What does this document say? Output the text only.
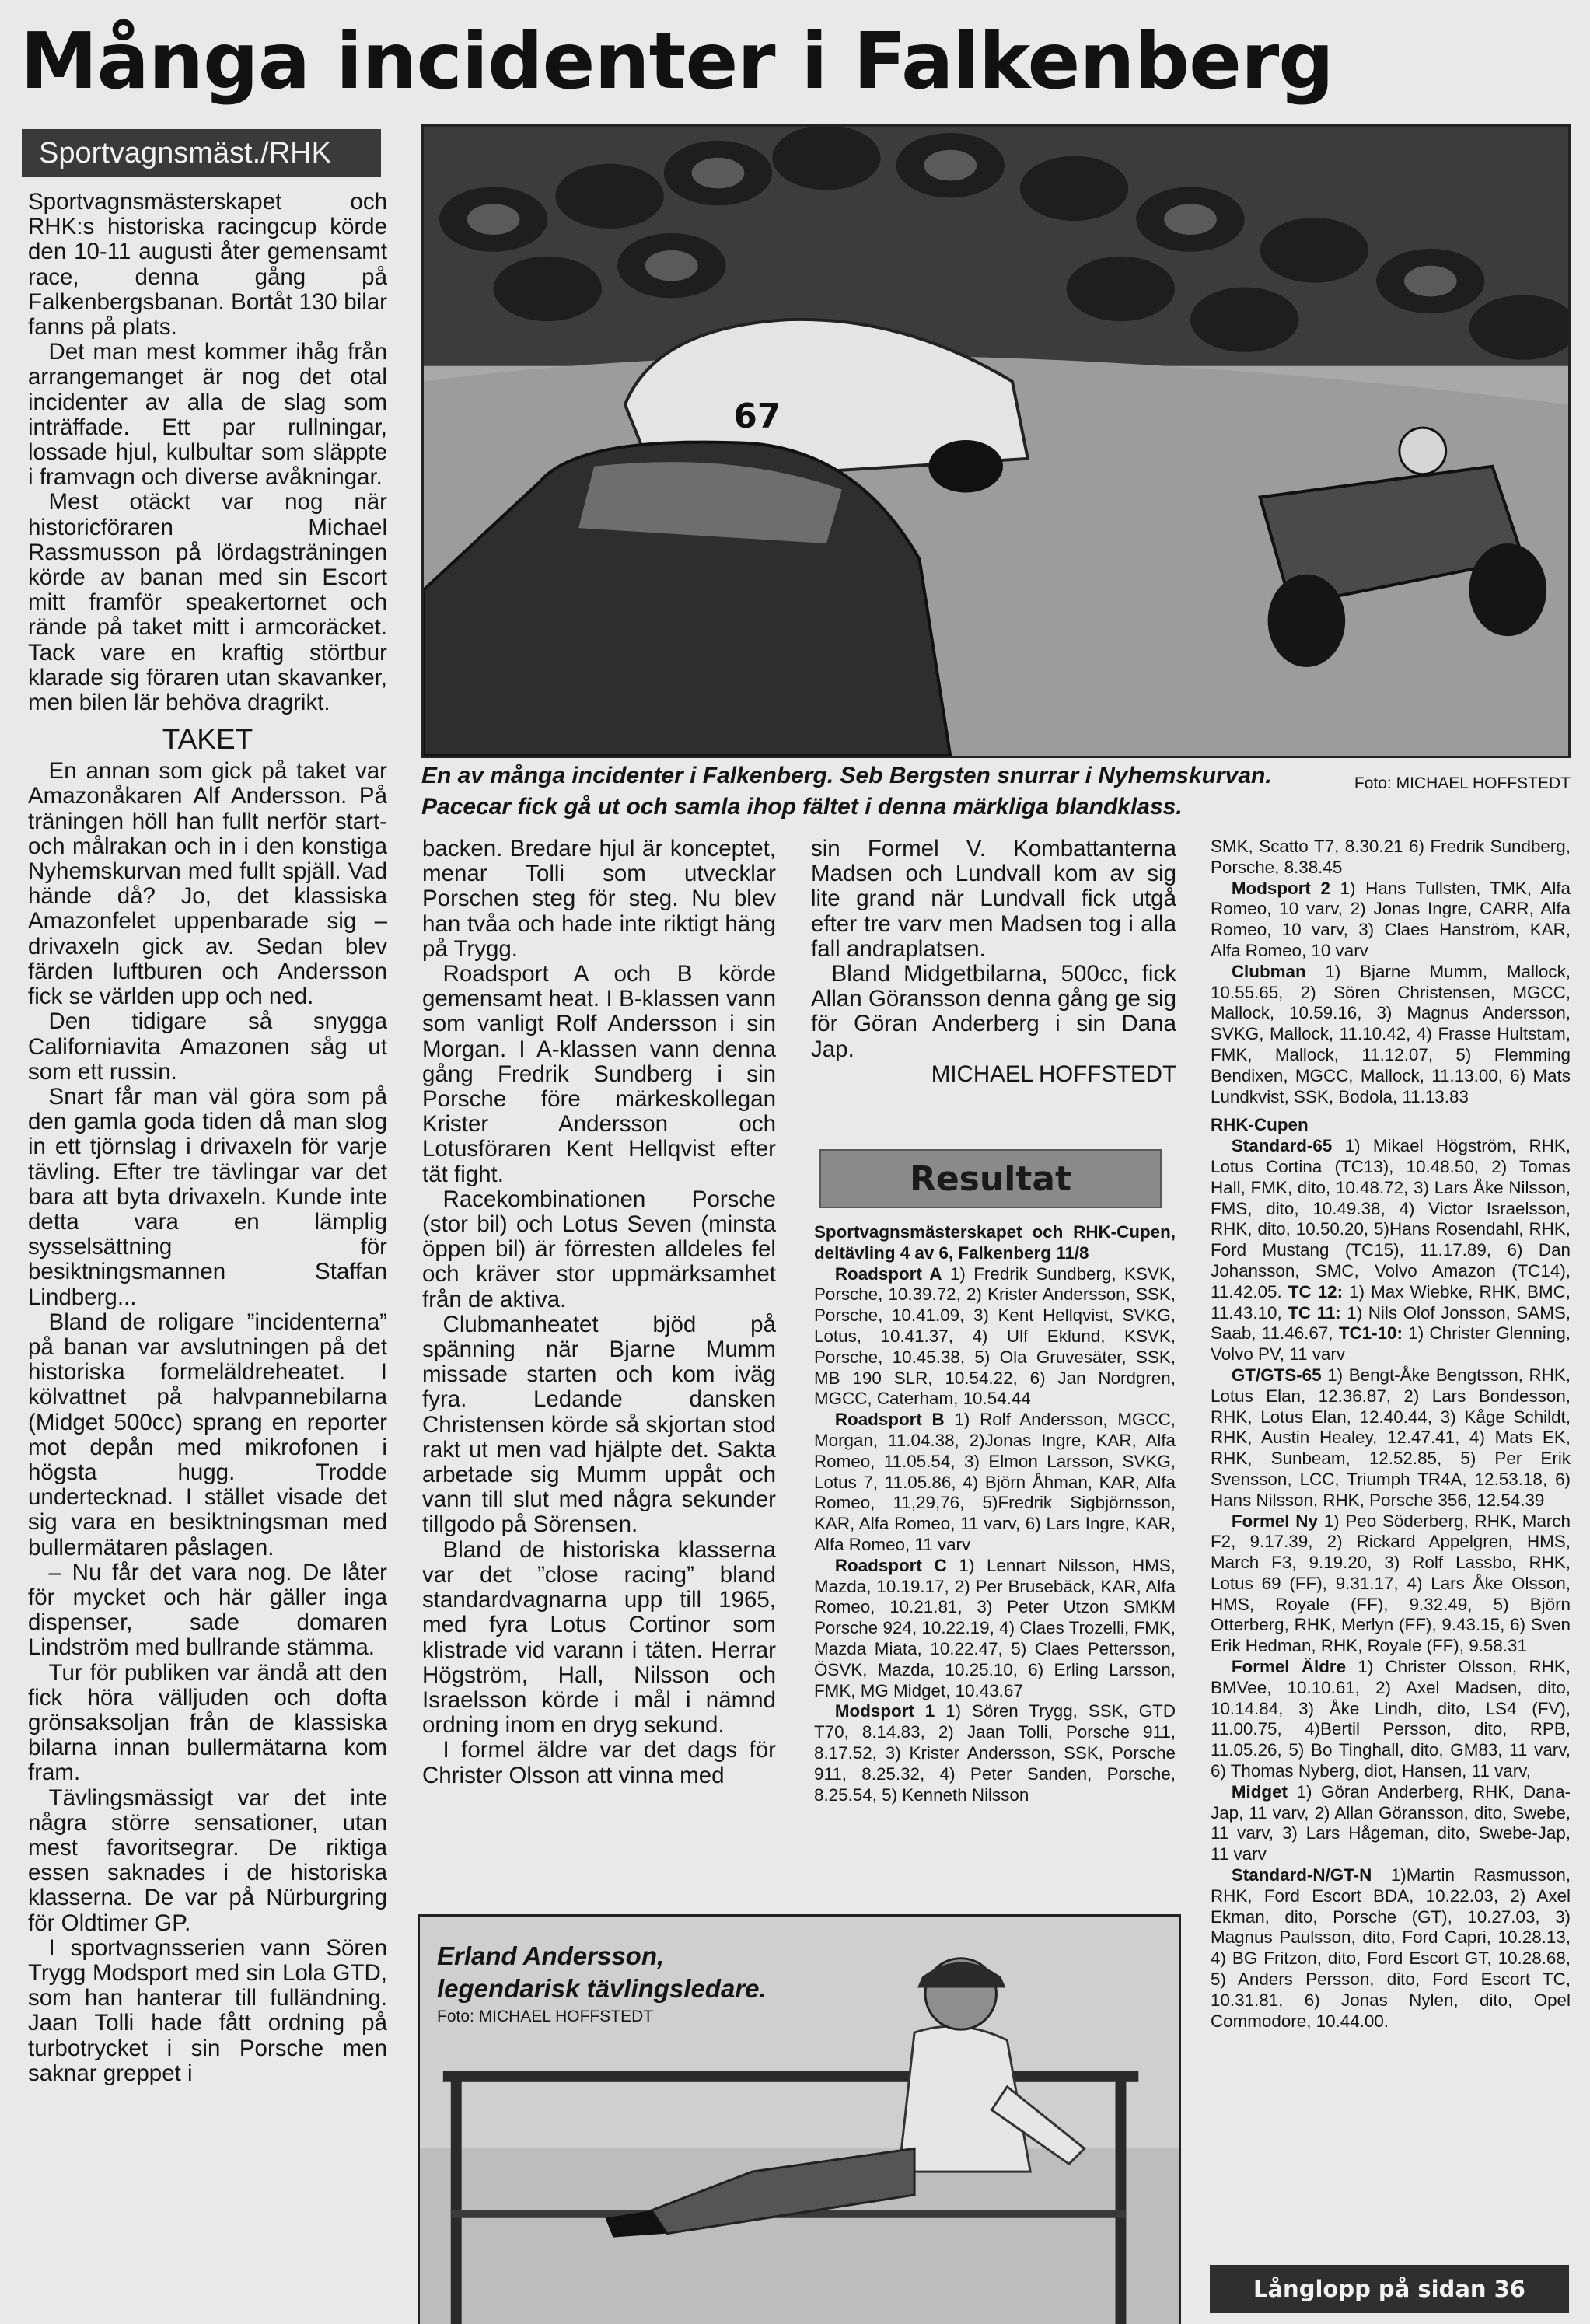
Många incidenter i Falkenberg
Sportvagnsmäst./RHK
67
Foto: MICHAEL HOFFSTEDT
En av många incidenter i Falkenberg. Seb Bergsten snurrar i Nyhemskurvan. Pacecar fick gå ut och samla ihop fältet i denna märkliga blandklass.

Sportvagnsmästerskapet och RHK:s historiska racingcup körde den 10-11 augusti åter gemensamt race, denna gång på Falkenbergsbanan. Bortåt 130 bilar fanns på plats.

Det man mest kommer ihåg från arrangemanget är nog det otal incidenter av alla de slag som inträffade. Ett par rullningar, lossade hjul, kulbultar som släppte i framvagn och diverse avåkningar.

Mest otäckt var nog när historicföraren Michael Rassmusson på lördagsträningen körde av banan med sin Escort mitt framför speakertornet och rände på taket mitt i armcoräcket. Tack vare en kraftig störtbur klarade sig föraren utan skavanker, men bilen lär behöva dragrikt.

TAKET

En annan som gick på taket var Amazonåkaren Alf Andersson. På träningen höll han fullt nerför start- och målrakan och in i den konstiga Nyhemskurvan med fullt spjäll. Vad hände då? Jo, det klassiska Amazonfelet uppenbarade sig – drivaxeln gick av. Sedan blev färden luftburen och Andersson fick se världen upp och ned.

Den tidigare så snygga Californiavita Amazonen såg ut som ett russin.

Snart får man väl göra som på den gamla goda tiden då man slog in ett tjörnslag i drivaxeln för varje tävling. Efter tre tävlingar var det bara att byta drivaxeln. Kunde inte detta vara en lämplig sysselsättning för besiktningsmannen Staffan Lindberg...

Bland de roligare ”incidenterna” på banan var avslutningen på det historiska formeläldreheatet. I kölvattnet på halvpannebilarna (Midget 500cc) sprang en reporter mot depån med mikrofonen i högsta hugg. Trodde undertecknad. I stället visade det sig vara en besiktningsman med bullermätaren påslagen.

– Nu får det vara nog. De låter för mycket och här gäller inga dispenser, sade domaren Lindström med bullrande stämma.

Tur för publiken var ändå att den fick höra välljuden och dofta grönsaksoljan från de klassiska bilarna innan bullermätarna kom fram.

Tävlingsmässigt var det inte några större sensationer, utan mest favoritsegrar. De riktiga essen saknades i de historiska klasserna. De var på Nürburgring för Oldtimer GP.

I sportvagnsserien vann Sören Trygg Modsport med sin Lola GTD, som han hanterar till fulländning. Jaan Tolli hade fått ordning på turbotrycket i sin Porsche men saknar greppet i

backen. Bredare hjul är konceptet, menar Tolli som utvecklar Porschen steg för steg. Nu blev han tvåa och hade inte riktigt häng på Trygg.

Roadsport A och B körde gemensamt heat. I B-klassen vann som vanligt Rolf Andersson i sin Morgan. I A-klassen vann denna gång Fredrik Sundberg i sin Porsche före märkeskollegan Krister Andersson och Lotusföraren Kent Hellqvist efter tät fight.

Racekombinationen Porsche (stor bil) och Lotus Seven (minsta öppen bil) är förresten alldeles fel och kräver stor uppmärksamhet från de aktiva.

Clubmanheatet bjöd på spänning när Bjarne Mumm missade starten och kom iväg fyra. Ledande dansken Christensen körde så skjortan stod rakt ut men vad hjälpte det. Sakta arbetade sig Mumm uppåt och vann till slut med några sekunder tillgodo på Sörensen.

Bland de historiska klasserna var det ”close racing” bland standardvagnarna upp till 1965, med fyra Lotus Cortinor som klistrade vid varann i täten. Herrar Högström, Hall, Nilsson och Israelsson körde i mål i nämnd ordning inom en dryg sekund.

I formel äldre var det dags för Christer Olsson att vinna med

sin Formel V. Kombattanterna Madsen och Lundvall kom av sig lite grand när Lundvall fick utgå efter tre varv men Madsen tog i alla fall andraplatsen.

Bland Midgetbilarna, 500cc, fick Allan Göransson denna gång ge sig för Göran Anderberg i sin Dana Jap.

MICHAEL HOFFSTEDT

Resultat

Sportvagnsmästerskapet och RHK-Cupen, deltävling 4 av 6, Falkenberg 11/8

Roadsport A 1) Fredrik Sundberg, KSVK, Porsche, 10.39.72, 2) Krister Andersson, SSK, Porsche, 10.41.09, 3) Kent Hellqvist, SVKG, Lotus, 10.41.37, 4) Ulf Eklund, KSVK, Porsche, 10.45.38, 5) Ola Gruvesäter, SSK, MB 190 SLR, 10.54.22, 6) Jan Nordgren, MGCC, Caterham, 10.54.44

Roadsport B 1) Rolf Andersson, MGCC, Morgan, 11.04.38, 2)Jonas Ingre, KAR, Alfa Romeo, 11.05.54, 3) Elmon Larsson, SVKG, Lotus 7, 11.05.86, 4) Björn Åhman, KAR, Alfa Romeo, 11,29,76, 5)Fredrik Sigbjörnsson, KAR, Alfa Romeo, 11 varv, 6) Lars Ingre, KAR, Alfa Romeo, 11 varv

Roadsport C 1) Lennart Nilsson, HMS, Mazda, 10.19.17, 2) Per Brusebäck, KAR, Alfa Romeo, 10.21.81, 3) Peter Utzon SMKM Porsche 924, 10.22.19, 4) Claes Trozelli, FMK, Mazda Miata, 10.22.47, 5) Claes Pettersson, ÖSVK, Mazda, 10.25.10, 6) Erling Larsson, FMK, MG Midget, 10.43.67

Modsport 1 1) Sören Trygg, SSK, GTD T70, 8.14.83, 2) Jaan Tolli, Porsche 911, 8.17.52, 3) Krister Andersson, SSK, Porsche 911, 8.25.32, 4) Peter Sanden, Porsche, 8.25.54, 5) Kenneth Nilsson

SMK, Scatto T7, 8.30.21 6) Fredrik Sundberg, Porsche, 8.38.45

Modsport 2 1) Hans Tullsten, TMK, Alfa Romeo, 10 varv, 2) Jonas Ingre, CARR, Alfa Romeo, 10 varv, 3) Claes Hanström, KAR, Alfa Romeo, 10 varv

Clubman 1) Bjarne Mumm, Mallock, 10.55.65, 2) Sören Christensen, MGCC, Mallock, 10.59.16, 3) Magnus Andersson, SVKG, Mallock, 11.10.42, 4) Frasse Hultstam, FMK, Mallock, 11.12.07, 5) Flemming Bendixen, MGCC, Mallock, 11.13.00, 6) Mats Lundkvist, SSK, Bodola, 11.13.83

RHK-Cupen

Standard-65 1) Mikael Högström, RHK, Lotus Cortina (TC13), 10.48.50, 2) Tomas Hall, FMK, dito, 10.48.72, 3) Lars Åke Nilsson, FMS, dito, 10.49.38, 4) Victor Israelsson, RHK, dito, 10.50.20, 5)Hans Rosendahl, RHK, Ford Mustang (TC15), 11.17.89, 6) Dan Johansson, SMC, Volvo Amazon (TC14), 11.42.05. TC 12: 1) Max Wiebke, RHK, BMC, 11.43.10, TC 11: 1) Nils Olof Jonsson, SAMS, Saab, 11.46.67, TC1-10: 1) Christer Glenning, Volvo PV, 11 varv

GT/GTS-65 1) Bengt-Åke Bengtsson, RHK, Lotus Elan, 12.36.87, 2) Lars Bondesson, RHK, Lotus Elan, 12.40.44, 3) Kåge Schildt, RHK, Austin Healey, 12.47.41, 4) Mats EK, RHK, Sunbeam, 12.52.85, 5) Per Erik Svensson, LCC, Triumph TR4A, 12.53.18, 6) Hans Nilsson, RHK, Porsche 356, 12.54.39

Formel Ny 1) Peo Söderberg, RHK, March F2, 9.17.39, 2) Rickard Appelgren, HMS, March F3, 9.19.20, 3) Rolf Lassbo, RHK, Lotus 69 (FF), 9.31.17, 4) Lars Åke Olsson, HMS, Royale (FF), 9.32.49, 5) Björn Otterberg, RHK, Merlyn (FF), 9.43.15, 6) Sven Erik Hedman, RHK, Royale (FF), 9.58.31

Formel Äldre 1) Christer Olsson, RHK, BMVee, 10.10.61, 2) Axel Madsen, dito, 10.14.84, 3) Åke Lindh, dito, LS4 (FV), 11.00.75, 4)Bertil Persson, dito, RPB, 11.05.26, 5) Bo Tinghall, dito, GM83, 11 varv, 6) Thomas Nyberg, diot, Hansen, 11 varv,

Midget 1) Göran Anderberg, RHK, Dana-Jap, 11 varv, 2) Allan Göransson, dito, Swebe, 11 varv, 3) Lars Hågeman, dito, Swebe-Jap, 11 varv

Standard-N/GT-N 1)Martin Rasmusson, RHK, Ford Escort BDA, 10.22.03, 2) Axel Ekman, dito, Porsche (GT), 10.27.03, 3) Magnus Paulsson, dito, Ford Capri, 10.28.13, 4) BG Fritzon, dito, Ford Escort GT, 10.28.68, 5) Anders Persson, dito, Ford Escort TC, 10.31.81, 6) Jonas Nylen, dito, Opel Commodore, 10.44.00.

Erland Andersson,
legendarisk tävlingsledare.
Foto: MICHAEL HOFFSTEDT
Långlopp på sidan 36
